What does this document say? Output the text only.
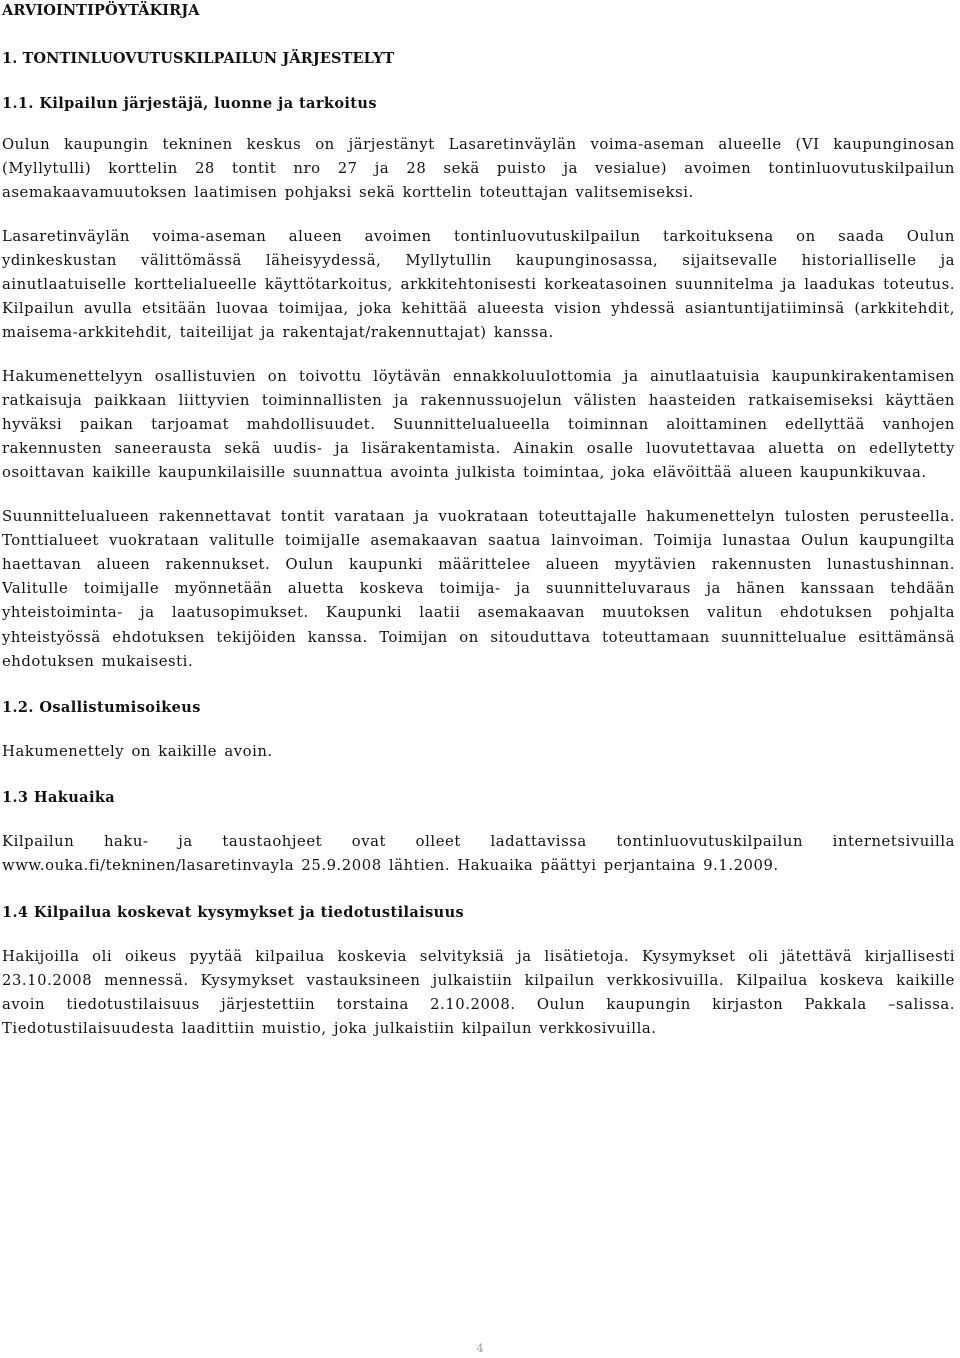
ARVIOINTIPÖYTÄKIRJA
1. TONTINLUOVUTUSKILPAILUN JÄRJESTELYT
1.1. Kilpailun järjestäjä, luonne ja tarkoitus

Oulun kaupungin tekninen keskus on järjestänyt Lasaretinväylän voima-aseman alueelle (VI kaupunginosan (Myllytulli) korttelin 28 tontit nro 27 ja 28 sekä puisto ja vesialue) avoimen tontinluovutuskilpailun asemakaavamuutoksen laatimisen pohjaksi sekä korttelin toteuttajan valitsemiseksi.

Lasaretinväylän voima-aseman alueen avoimen tontinluovutuskilpailun tarkoituksena on saada Oulun ydinkeskustan välittömässä läheisyydessä, Myllytullin kaupunginosassa, sijaitsevalle historialliselle ja ainutlaatuiselle korttelialueelle käyttötarkoitus, arkkitehtonisesti korkeatasoinen suunnitelma ja laadukas toteutus. Kilpailun avulla etsitään luovaa toimijaa, joka kehittää alueesta vision yhdessä asiantuntijatiiminsä (arkkitehdit, maisema-arkkitehdit, taiteilijat ja rakentajat/rakennuttajat) kanssa.

Hakumenettelyyn osallistuvien on toivottu löytävän ennakkoluulottomia ja ainutlaatuisia kaupunkirakentamisen ratkaisuja paikkaan liittyvien toiminnallisten ja rakennussuojelun välisten haasteiden ratkaisemiseksi käyttäen hyväksi paikan tarjoamat mahdollisuudet. Suunnittelualueella toiminnan aloittaminen edellyttää vanhojen rakennusten saneerausta sekä uudis- ja lisärakentamista. Ainakin osalle luovutettavaa aluetta on edellytetty osoittavan kaikille kaupunkilaisille suunnattua avointa julkista toimintaa, joka elävöittää alueen kaupunkikuvaa.

Suunnittelualueen rakennettavat tontit varataan ja vuokrataan toteuttajalle hakumenettelyn tulosten perusteella. Tonttialueet vuokrataan valitulle toimijalle asemakaavan saatua lainvoiman. Toimija lunastaa Oulun kaupungilta haettavan alueen rakennukset. Oulun kaupunki määrittelee alueen myytävien rakennusten lunastushinnan. Valitulle toimijalle myönnetään aluetta koskeva toimija- ja suunnitteluvaraus ja hänen kanssaan tehdään yhteistoiminta- ja laatusopimukset. Kaupunki laatii asemakaavan muutoksen valitun ehdotuksen pohjalta yhteistyössä ehdotuksen tekijöiden kanssa. Toimijan on sitouduttava toteuttamaan suunnittelualue esittämänsä ehdotuksen mukaisesti.

1.2. Osallistumisoikeus

Hakumenettely on kaikille avoin.

1.3 Hakuaika

Kilpailun haku- ja taustaohjeet ovat olleet ladattavissa tontinluovutuskilpailun internetsivuilla www.ouka.fi/tekninen/lasaretinvayla 25.9.2008 lähtien. Hakuaika päättyi perjantaina 9.1.2009.

1.4 Kilpailua koskevat kysymykset ja tiedotustilaisuus

Hakijoilla oli oikeus pyytää kilpailua koskevia selvityksiä ja lisätietoja. Kysymykset oli jätettävä kirjallisesti 23.10.2008 mennessä. Kysymykset vastauksineen julkaistiin kilpailun verkkosivuilla. Kilpailua koskeva kaikille avoin tiedotustilaisuus järjestettiin torstaina 2.10.2008. Oulun kaupungin kirjaston Pakkala –salissa. Tiedotustilaisuudesta laadittiin muistio, joka julkaistiin kilpailun verkkosivuilla.

4
